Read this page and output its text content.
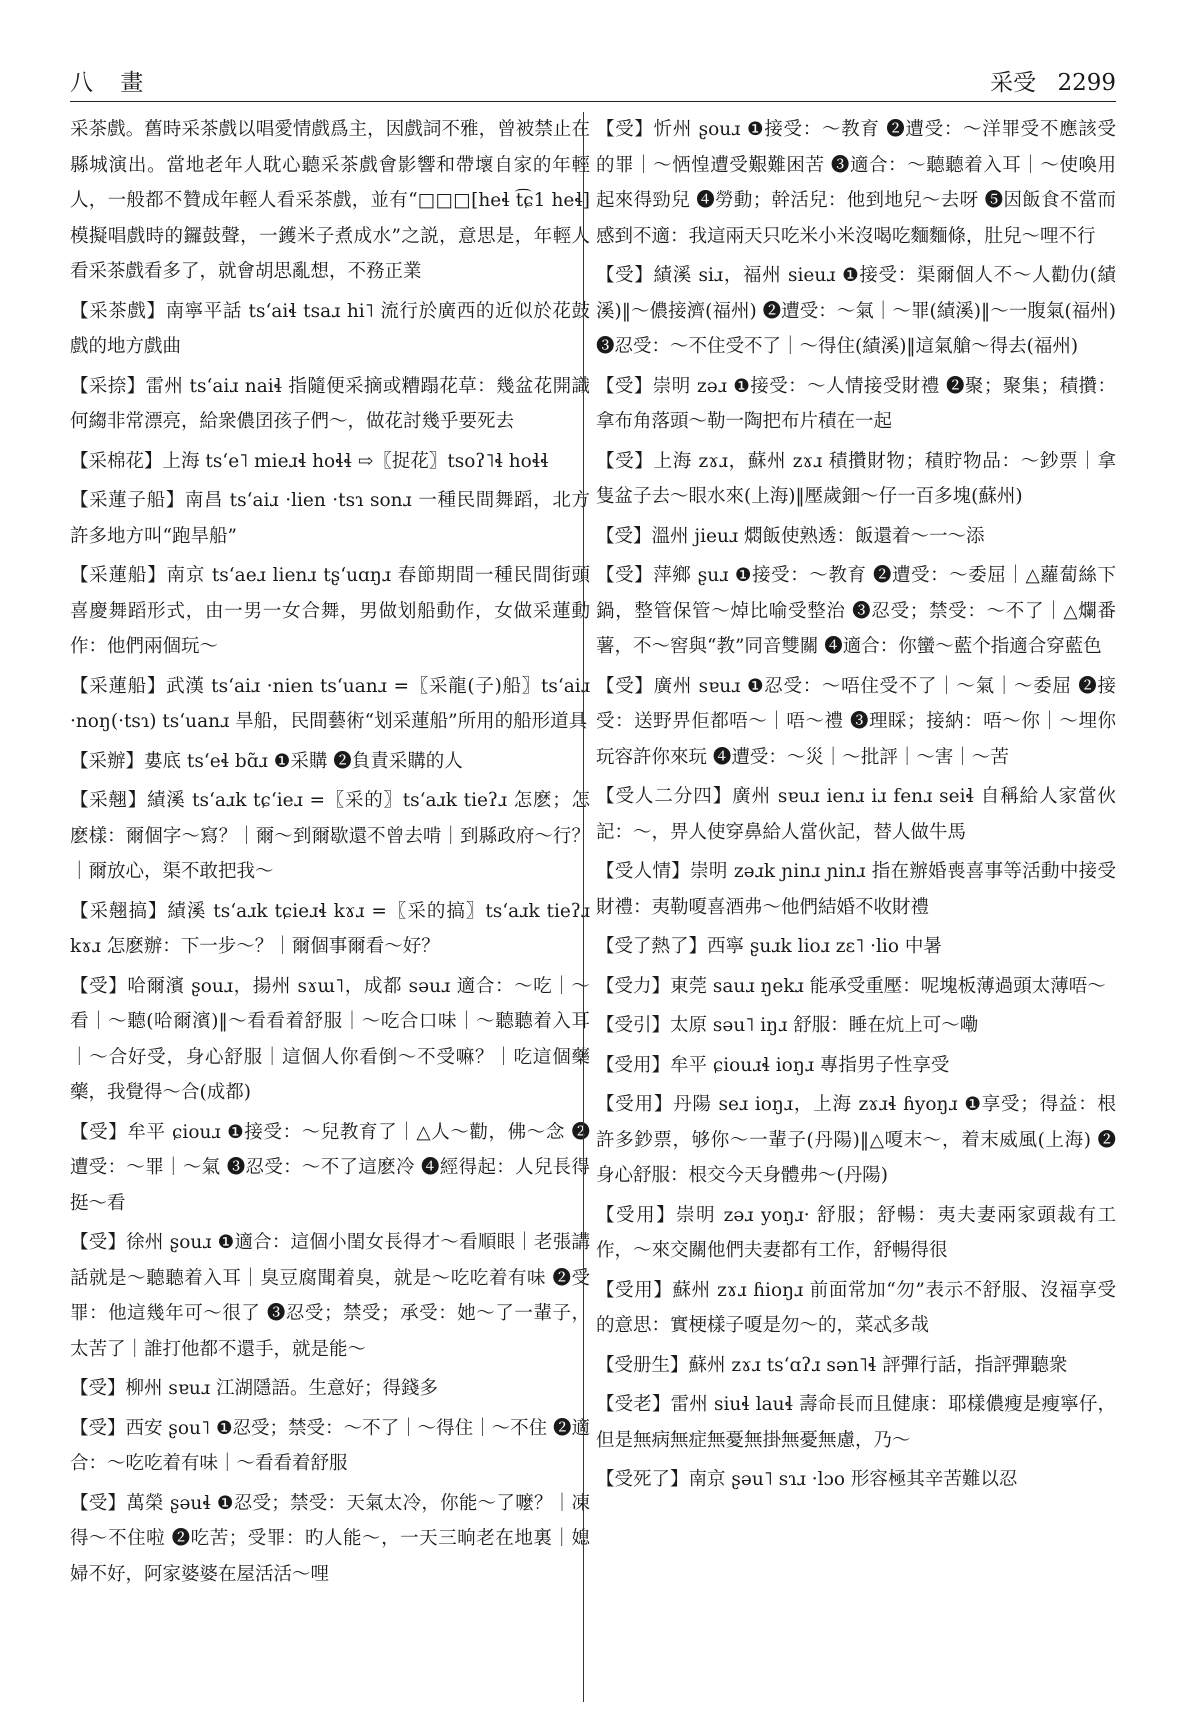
八 畫	采受 2299
采茶戲。舊時采茶戲以唱愛情戲爲主，因戲詞不雅，曾被禁止在縣城演出。當地老年人耽心聽采茶戲會影響和帶壞自家的年輕人，一般都不贊成年輕人看采茶戲，並有“□□□[heɬ t͡ɕ1 heɬ]模擬唱戲時的鑼鼓聲，一鑊米子煮成水”之説，意思是，年輕人看采茶戲看多了，就會胡思亂想，不務正業
【采茶戲】南寧平話 tsʻaiɬ tsaɹ hi˥ 流行於廣西的近似於花鼓戲的地方戲曲
【采捺】雷州 tsʻaiɹ naiɬ 指隨便采摘或糟蹋花草：幾盆花開識何縐非常漂亮，給衆儂囝孩子們～，做花討幾乎要死去
【采棉花】上海 tsʻe˥ mieɹɬ hoɬɬ ⇨〖捉花〗tsoʔ˥ɬ hoɬɬ
【采蓮子船】南昌 tsʻaiɹ ·lien ·tsɿ sonɹ 一種民間舞蹈，北方許多地方叫“跑旱船”
【采蓮船】南京 tsʻaeɹ lienɹ tʂʻuɑŋɹ 春節期間一種民間街頭喜慶舞蹈形式，由一男一女合舞，男做划船動作，女做采蓮動作：他們兩個玩～
【采蓮船】武漢 tsʻaiɹ ·nien tsʻuanɹ =〖采龍(子)船〗tsʻaiɹ ·noŋ(·tsɿ) tsʻuanɹ 旱船，民間藝術“划采蓮船”所用的船形道具
【采辦】婁底 tsʻeɬ bɑ̃ɹ ❶采購 ❷負責采購的人
【采翹】績溪 tsʻaɹk tɕʻieɹ =〖采的〗tsʻaɹk tieʔɹ 怎麽；怎麽樣：爾個字～寫？｜爾～到爾歇還不曾去啃｜到縣政府～行？｜爾放心，渠不敢把我～
【采翹搞】績溪 tsʻaɹk tɕieɹɬ kɤɹ =〖采的搞〗tsʻaɹk tieʔɹ kɤɹ 怎麽辦：下一步～？｜爾個事爾看～好？
【受】哈爾濱 ʂouɹ，揚州 sɤɯ˥，成都 səuɹ 適合：～吃｜～看｜～聽(哈爾濱)‖～看看着舒服｜～吃合口味｜～聽聽着入耳｜～合好受，身心舒服｜這個人你看倒～不受嘛？｜吃這個藥藥，我覺得～合(成都)
【受】牟平 ɕiouɹ ❶接受：～兒教育了｜△人～勸，佛～念 ❷遭受：～罪｜～氣 ❸忍受：～不了這麽冷 ❹經得起：人兒長得挺～看
【受】徐州 ʂouɹ ❶適合：這個小閨女長得才～看順眼｜老張講話就是～聽聽着入耳｜臭豆腐聞着臭，就是～吃吃着有味 ❷受罪：他這幾年可～很了 ❸忍受；禁受；承受：她～了一輩子，太苦了｜誰打他都不還手，就是能～
【受】柳州 sɐuɹ 江湖隱語。生意好；得錢多
【受】西安 ʂou˥ ❶忍受；禁受：～不了｜～得住｜～不住 ❷適合：～吃吃着有味｜～看看着舒服
【受】萬榮 ʂəuɬ ❶忍受；禁受：天氣太冷，你能～了嚒？｜凍得～不住啦 ❷吃苦；受罪：旳人能～，一天三晌老在地裏｜媳婦不好，阿家婆婆在屋活活～哩
【受】忻州 ʂouɹ ❶接受：～教育 ❷遭受：～洋罪受不應該受的罪｜～恓惶遭受艱難困苦 ❸適合：～聽聽着入耳｜～使喚用起來得勁兒 ❹勞動；幹活兒：他到地兒～去呀 ❺因飯食不當而感到不適：我這兩天只吃米小米沒喝吃麵麵條，肚兒～哩不行
【受】績溪 siɹ，福州 sieuɹ ❶接受：渠爾個人不～人勸仂(績溪)‖～儂接濟(福州) ❷遭受：～氣｜～罪(績溪)‖～一腹氣(福州) ❸忍受：～不住受不了｜～得住(績溪)‖這氣艙～得去(福州)
【受】崇明 zəɹ ❶接受：～人情接受財禮 ❷聚；聚集；積攢：拿布角落頭～勒一陶把布片積在一起
【受】上海 zɤɹ，蘇州 zɤɹ 積攢財物；積貯物品：～鈔票｜拿隻盆子去～眼水來(上海)‖壓歲鈿～仔一百多塊(蘇州)
【受】溫州 jieuɹ 燜飯使熟透：飯還着～一～添
【受】萍鄉 ʂuɹ ❶接受：～教育 ❷遭受：～委屈｜△蘿蔔絲下鍋，整管保管～焯比喻受整治 ❸忍受；禁受：～不了｜△爛番薯，不～窖與“教”同音雙關 ❹適合：你蠻～藍个指適合穿藍色
【受】廣州 sɐuɹ ❶忍受：～唔住受不了｜～氣｜～委屈 ❷接受：送野畀佢都唔～｜唔～禮 ❸理睬；接納：唔～你｜～埋你玩容許你來玩 ❹遭受：～災｜～批評｜～害｜～苦
【受人二分四】廣州 sɐuɹ ienɹ iɹ fenɹ seiɬ 自稱給人家當伙記：～，畀人使穿鼻給人當伙記，替人做牛馬
【受人情】崇明 zəɹk ɲinɹ ɲinɹ 指在辦婚喪喜事等活動中接受財禮：夷勒嗄喜酒弗～他們結婚不收財禮
【受了熱了】西寧 ʂuɹk lioɹ zɛ˥ ·lio 中暑
【受力】東莞 sauɹ ŋekɹ 能承受重壓：呢塊板薄過頭太薄唔～
【受引】太原 səu˥ iŋɹ 舒服：睡在炕上可～嘞
【受用】牟平 ɕiouɹɬ ioŋɹ 專指男子性享受
【受用】丹陽 seɹ ioŋɹ，上海 zɤɹɬ ɦyoŋɹ ❶享受；得益：根許多鈔票，够你～一輩子(丹陽)‖△嗄末～，着末威風(上海) ❷身心舒服：根交今天身體弗～(丹陽)
【受用】崇明 zəɹ yoŋɹ· 舒服；舒暢：夷夫妻兩家頭裁有工作，～來交關他們夫妻都有工作，舒暢得很
【受用】蘇州 zɤɹ ɦioŋɹ 前面常加“勿”表示不舒服、沒福享受的意思：實梗樣子嗄是勿～的，菜忒多哉
【受册生】蘇州 zɤɹ tsʻɑʔɹ sən˥ɬ 評彈行話，指評彈聽衆
【受老】雷州 siuɬ lauɬ 壽命長而且健康：耶樣儂瘦是瘦寧仔，但是無病無症無憂無掛無憂無慮，乃～
【受死了】南京 ʂəu˥ sɿɹ ·lɔo 形容極其辛苦難以忍
